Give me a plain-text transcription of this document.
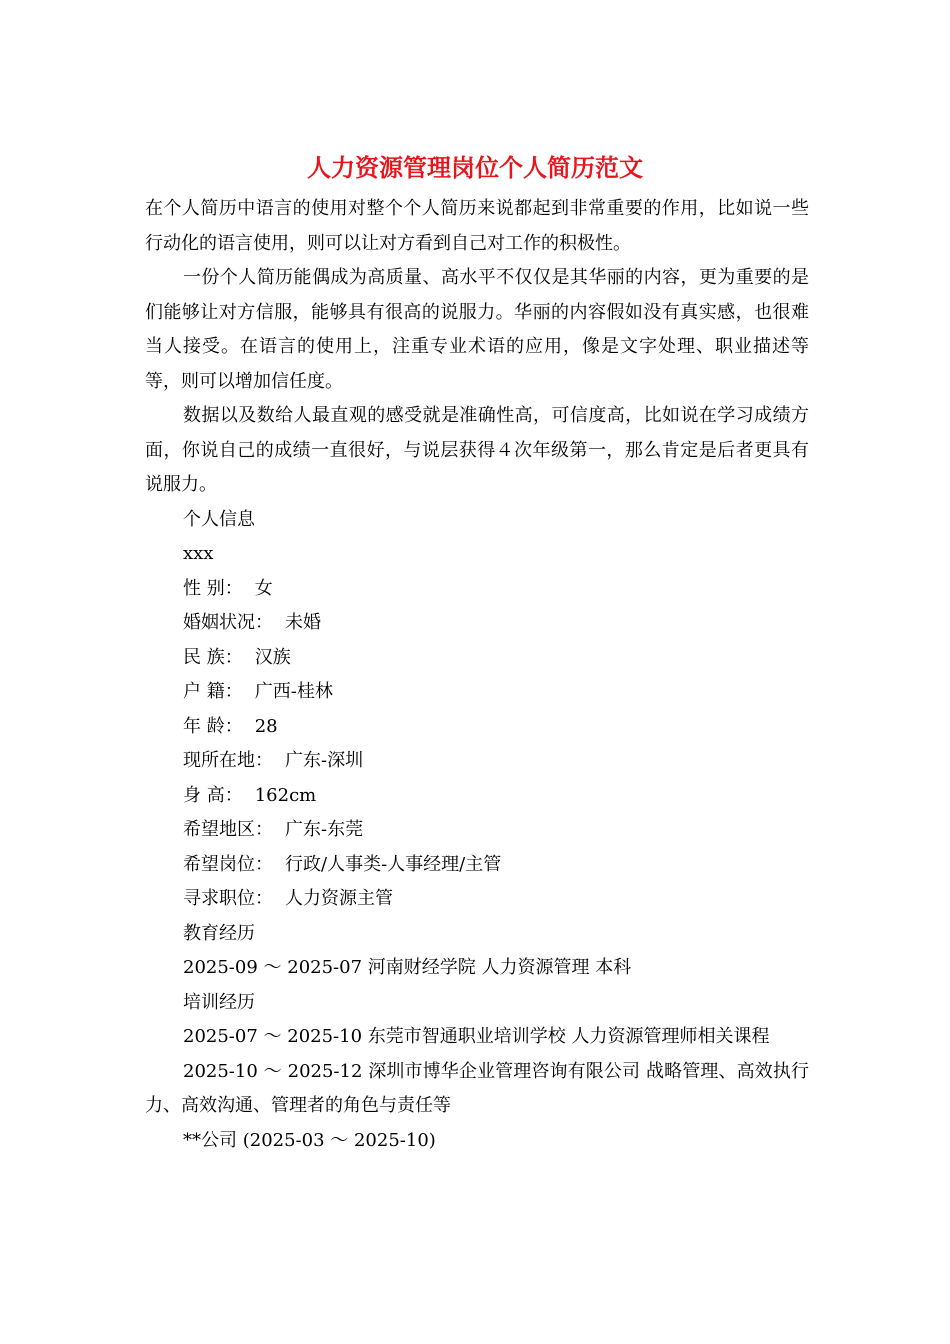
人力资源管理岗位个人简历范文

在个人简历中语言的使用对整个个人简历来说都起到非常重要的作用，比如说一些行动化的语言使用，则可以让对方看到自己对工作的积极性。

一份个人简历能偶成为高质量、高水平不仅仅是其华丽的内容，更为重要的是们能够让对方信服，能够具有很高的说服力。华丽的内容假如没有真实感，也很难当人接受。在语言的使用上，注重专业术语的应用，像是文字处理、职业描述等等，则可以增加信任度。

数据以及数给人最直观的感受就是准确性高，可信度高，比如说在学习成绩方面，你说自己的成绩一直很好，与说层获得４次年级第一，那么肯定是后者更具有说服力。

个人信息

xxx

性 别： 女

婚姻状况： 未婚

民 族： 汉族

户 籍： 广西-桂林

年 龄： 28

现所在地： 广东-深圳

身 高： 162cm

希望地区： 广东-东莞

希望岗位： 行政/人事类-人事经理/主管

寻求职位： 人力资源主管

教育经历

2025-09 ～ 2025-07 河南财经学院 人力资源管理 本科

培训经历

2025-07 ～ 2025-10 东莞市智通职业培训学校 人力资源管理师相关课程

2025-10 ～ 2025-12 深圳市博华企业管理咨询有限公司 战略管理、高效执行力、高效沟通、管理者的角色与责任等

**公司 (2025-03 ～ 2025-10)
